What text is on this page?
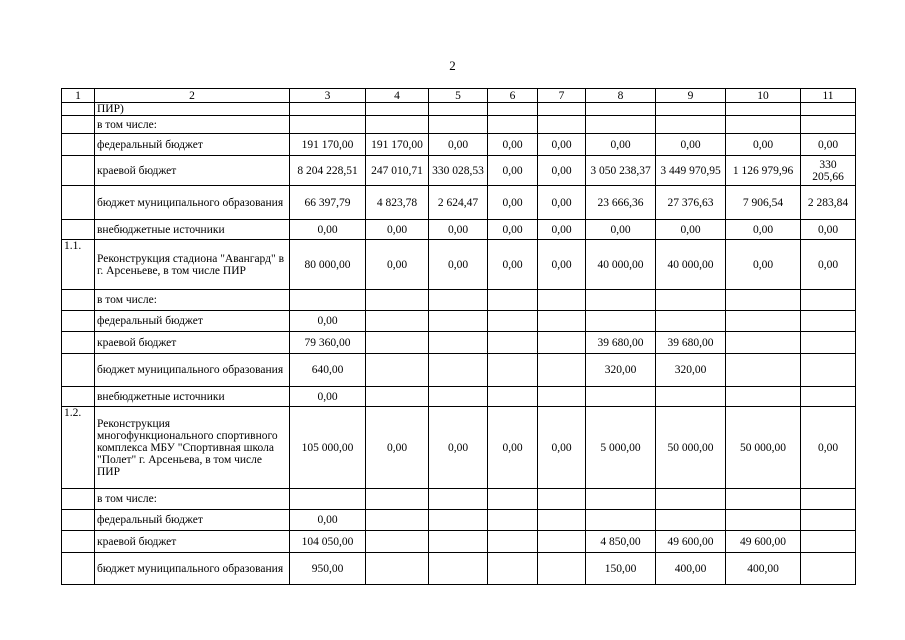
2
1	2	3	4	5	6	7	8	9	10	11
	ПИР)									
	в том числе:									
	федеральный бюджет	191 170,00	191 170,00	0,00	0,00	0,00	0,00	0,00	0,00	0,00
	краевой бюджет	8 204 228,51	247 010,71	330 028,53	0,00	0,00	3 050 238,37	3 449 970,95	1 126 979,96	330 205,66
	бюджет муниципального образования	66 397,79	4 823,78	2 624,47	0,00	0,00	23 666,36	27 376,63	7 906,54	2 283,84
	внебюджетные источники	0,00	0,00	0,00	0,00	0,00	0,00	0,00	0,00	0,00
1.1.	Реконструкция стадиона "Авангард" в г. Арсеньеве, в том числе ПИР	80 000,00	0,00	0,00	0,00	0,00	40 000,00	40 000,00	0,00	0,00
	в том числе:									
	федеральный бюджет	0,00								
	краевой бюджет	79 360,00					39 680,00	39 680,00		
	бюджет муниципального образования	640,00					320,00	320,00		
	внебюджетные источники	0,00								
1.2.	Реконструкция многофункционального спортивного комплекса МБУ "Спортивная школа "Полет" г. Арсеньева, в том числе ПИР	105 000,00	0,00	0,00	0,00	0,00	5 000,00	50 000,00	50 000,00	0,00
	в том числе:									
	федеральный бюджет	0,00								
	краевой бюджет	104 050,00					4 850,00	49 600,00	49 600,00	
	бюджет муниципального образования	950,00					150,00	400,00	400,00	
